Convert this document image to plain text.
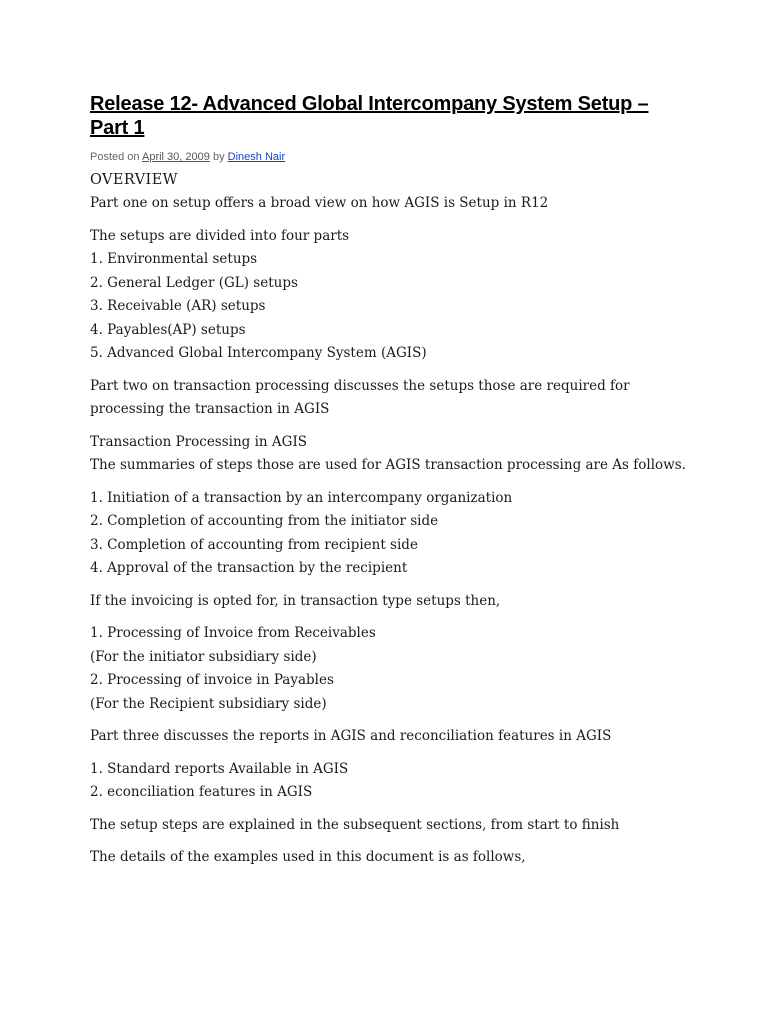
Release 12- Advanced Global Intercompany System Setup – Part 1
Posted on April 30, 2009 by Dinesh Nair
OVERVIEW

Part one on setup offers a broad view on how AGIS is Setup in R12

The setups are divided into four parts
1. Environmental setups
2. General Ledger (GL) setups
3. Receivable (AR) setups
4. Payables(AP) setups
5. Advanced Global Intercompany System (AGIS)

Part two on transaction processing discusses the setups those are required for
processing the transaction in AGIS

Transaction Processing in AGIS
The summaries of steps those are used for AGIS transaction processing are As follows.

1. Initiation of a transaction by an intercompany organization
2. Completion of accounting from the initiator side
3. Completion of accounting from recipient side
4. Approval of the transaction by the recipient

If the invoicing is opted for, in transaction type setups then,

1. Processing of Invoice from Receivables
(For the initiator subsidiary side)
2. Processing of invoice in Payables
(For the Recipient subsidiary side)

Part three discusses the reports in AGIS and reconciliation features in AGIS

1. Standard reports Available in AGIS
2. econciliation features in AGIS

The setup steps are explained in the subsequent sections, from start to finish

The details of the examples used in this document is as follows,
